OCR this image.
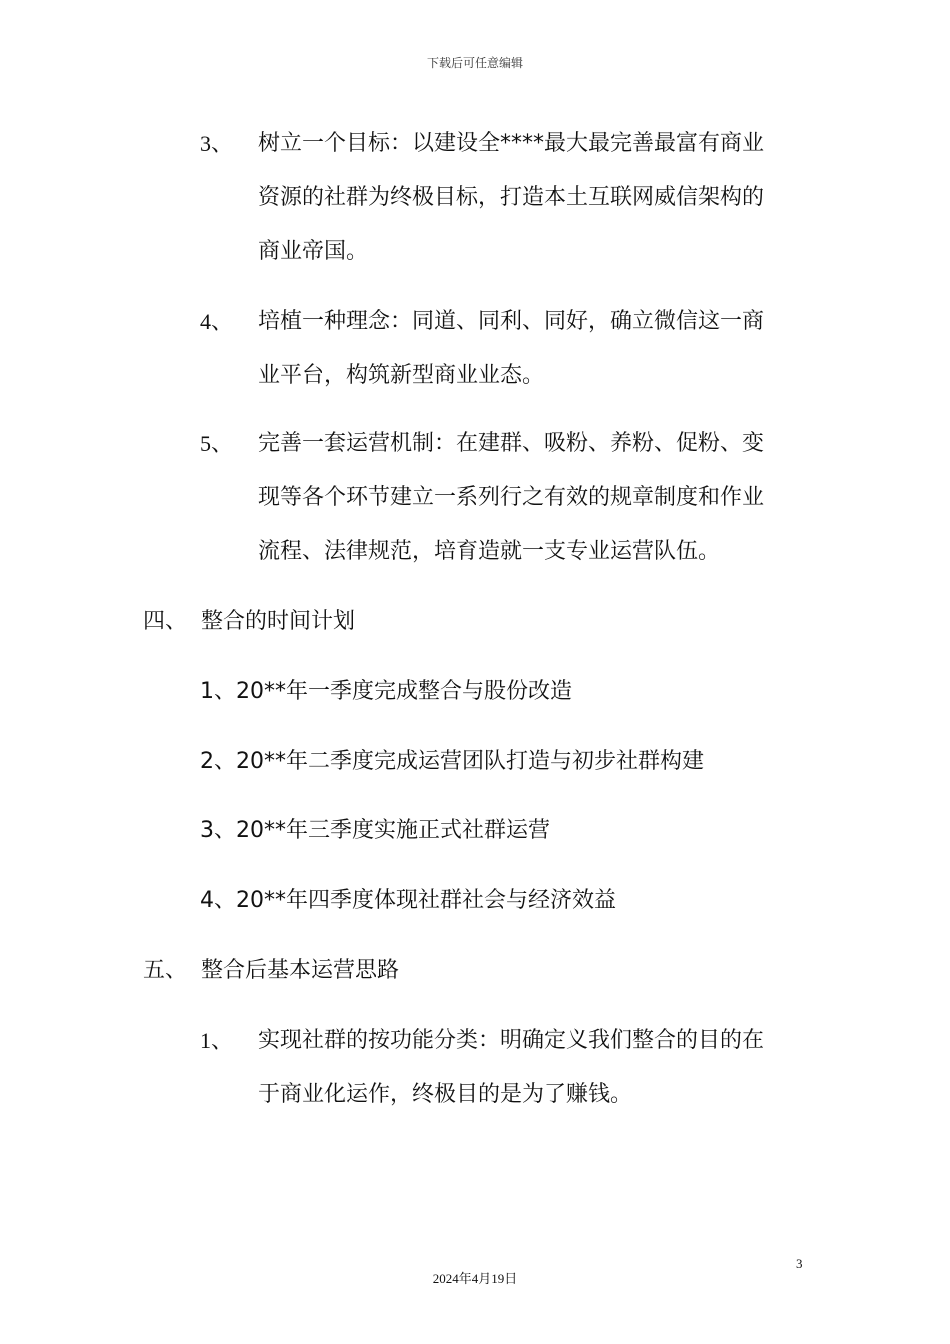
下载后可任意编辑
3、 树立一个目标：以建设全****最大最完善最富有商业
资源的社群为终极目标，打造本土互联网威信架构的
商业帝国。
4、 培植一种理念：同道、同利、同好，确立微信这一商
业平台，构筑新型商业业态。
5、 完善一套运营机制：在建群、吸粉、养粉、促粉、变
现等各个环节建立一系列行之有效的规章制度和作业
流程、法律规范，培育造就一支专业运营队伍。
四、 整合的时间计划
1、20**年一季度完成整合与股份改造
2、20**年二季度完成运营团队打造与初步社群构建
3、20**年三季度实施正式社群运营
4、20**年四季度体现社群社会与经济效益
五、 整合后基本运营思路
1、 实现社群的按功能分类：明确定义我们整合的目的在
于商业化运作，终极目的是为了赚钱。
3
2024年4月19日
